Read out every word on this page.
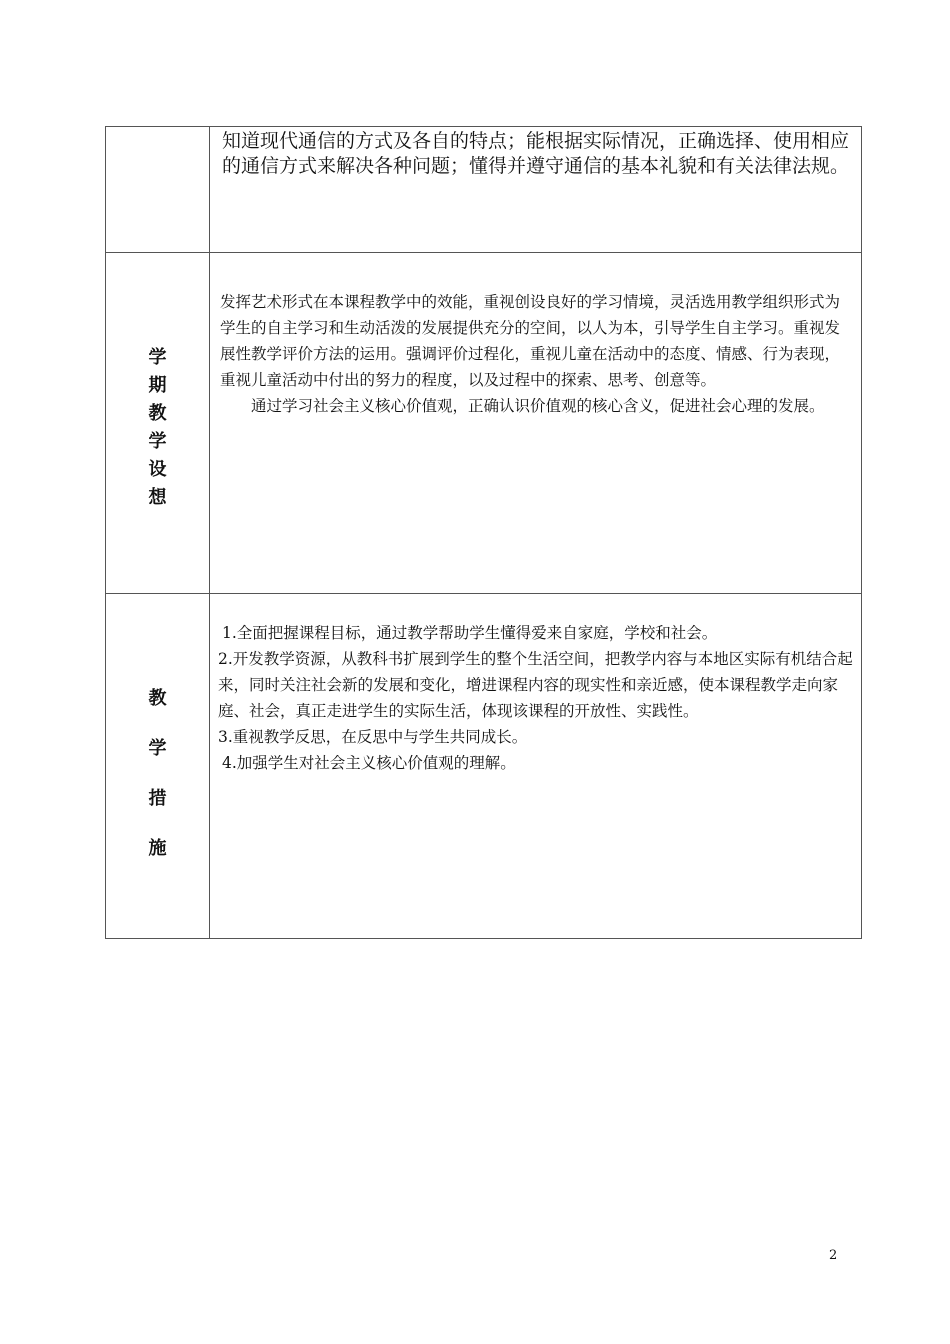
	知道现代通信的方式及各自的特点；能根据实际情况，正确选择、使用相应的通信方式来解决各种问题；懂得并遵守通信的基本礼貌和有关法律法规。

学期教学设想	发挥艺术形式在本课程教学中的效能，重视创设良好的学习情境，灵活选用教学组织形式为学生的自主学习和生动活泼的发展提供充分的空间，以人为本，引导学生自主学习。重视发展性教学评价方法的运用。强调评价过程化，重视儿童在活动中的态度、情感、行为表现，重视儿童活动中付出的努力的程度，以及过程中的探索、思考、创意等。

通过学习社会主义核心价值观，正确认识价值观的核心含义，促进社会心理的发展。

教学措施	1.全面把握课程目标，通过教学帮助学生懂得爱来自家庭，学校和社会。

2.开发教学资源，从教科书扩展到学生的整个生活空间，把教学内容与本地区实际有机结合起来，同时关注社会新的发展和变化，增进课程内容的现实性和亲近感，使本课程教学走向家庭、社会，真正走进学生的实际生活，体现该课程的开放性、实践性。

3.重视教学反思，在反思中与学生共同成长。

4.加强学生对社会主义核心价值观的理解。

2
